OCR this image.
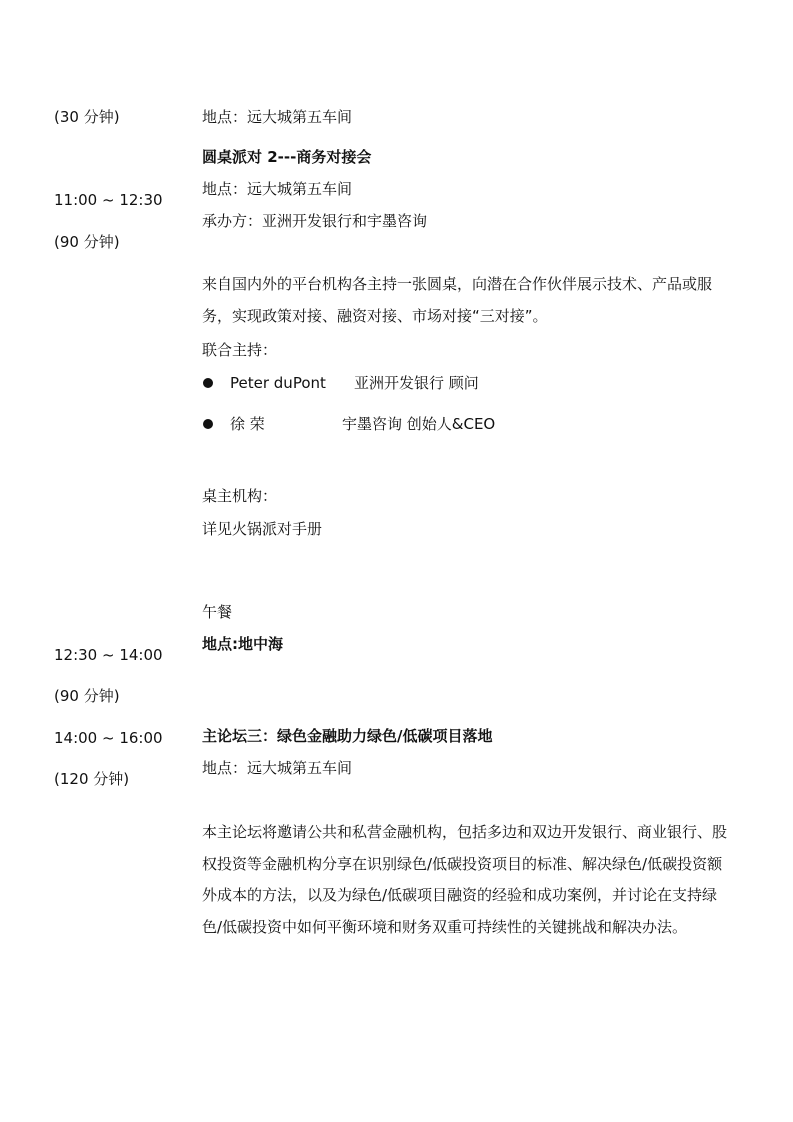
(30 分钟)
11:00 ~ 12:30
(90 分钟)
12:30 ~ 14:00
(90 分钟)
14:00 ~ 16:00
(120 分钟)
地点：远大城第五车间
圆桌派对 2---商务对接会
地点：远大城第五车间
承办方：亚洲开发银行和宇墨咨询
来自国内外的平台机构各主持一张圆桌，向潜在合作伙伴展示技术、产品或服务，实现政策对接、融资对接、市场对接“三对接”。
联合主持：
Peter duPont 亚洲开发银行 顾问
徐 荣	宇墨咨询 创始人&CEO
桌主机构：
详见火锅派对手册
午餐
地点:地中海
主论坛三：绿色金融助力绿色/低碳项目落地
地点：远大城第五车间
本主论坛将邀请公共和私营金融机构，包括多边和双边开发银行、商业银行、股权投资等金融机构分享在识别绿色/低碳投资项目的标准、解决绿色/低碳投资额外成本的方法，以及为绿色/低碳项目融资的经验和成功案例，并讨论在支持绿色/低碳投资中如何平衡环境和财务双重可持续性的关键挑战和解决办法。
